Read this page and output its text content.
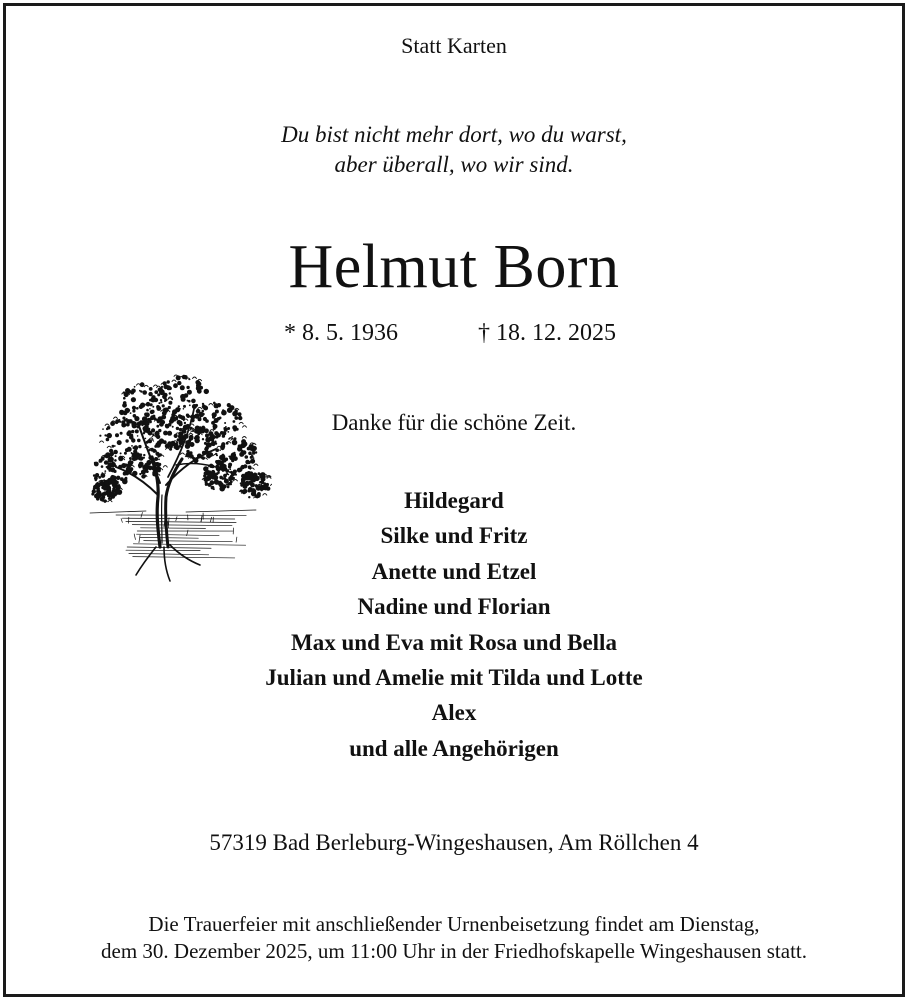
Statt Karten
Du bist nicht mehr dort, wo du warst,
aber überall, wo wir sind.
Helmut Born
* 8. 5. 1936	† 18. 12. 2025
Danke für die schöne Zeit.
Hildegard
Silke und Fritz
Anette und Etzel
Nadine und Florian
Max und Eva mit Rosa und Bella
Julian und Amelie mit Tilda und Lotte
Alex
und alle Angehörigen
57319 Bad Berleburg-Wingeshausen, Am Röllchen 4
Die Trauerfeier mit anschließender Urnenbeisetzung findet am Dienstag,
dem 30. Dezember 2025, um 11:00 Uhr in der Friedhofskapelle Wingeshausen statt.
